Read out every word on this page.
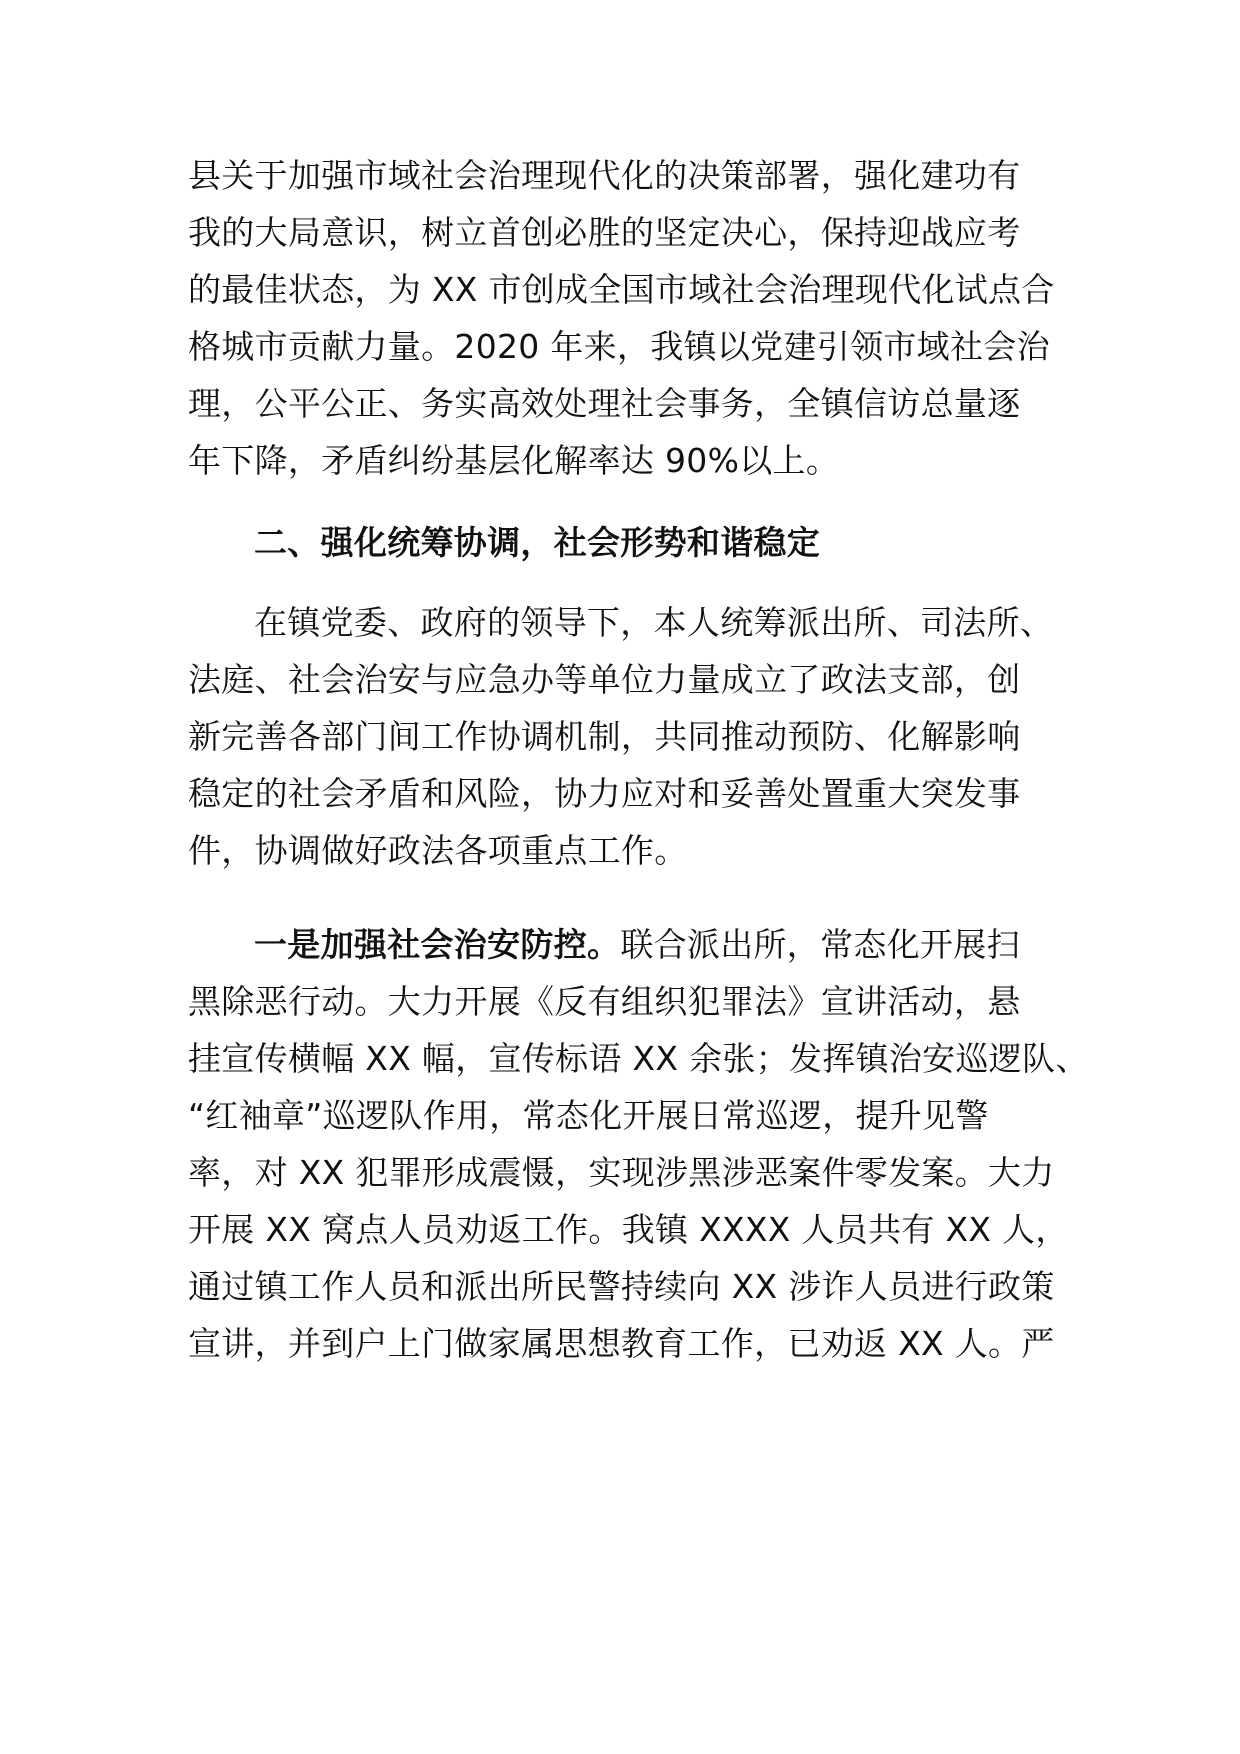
县关于加强市域社会治理现代化的决策部署，强化建功有
我的大局意识，树立首创必胜的坚定决心，保持迎战应考
的最佳状态，为 XX 市创成全国市域社会治理现代化试点合
格城市贡献力量。2020 年来，我镇以党建引领市域社会治
理，公平公正、务实高效处理社会事务，全镇信访总量逐
年下降，矛盾纠纷基层化解率达 90%以上。
二、强化统筹协调，社会形势和谐稳定
在镇党委、政府的领导下，本人统筹派出所、司法所、
法庭、社会治安与应急办等单位力量成立了政法支部，创
新完善各部门间工作协调机制，共同推动预防、化解影响
稳定的社会矛盾和风险，协力应对和妥善处置重大突发事
件，协调做好政法各项重点工作。
一是加强社会治安防控。联合派出所，常态化开展扫
黑除恶行动。大力开展《反有组织犯罪法》宣讲活动，悬
挂宣传横幅 XX 幅，宣传标语 XX 余张；发挥镇治安巡逻队、
“红袖章”巡逻队作用，常态化开展日常巡逻，提升见警
率，对 XX 犯罪形成震慑，实现涉黑涉恶案件零发案。大力
开展 XX 窝点人员劝返工作。我镇 XXXX 人员共有 XX 人，
通过镇工作人员和派出所民警持续向 XX 涉诈人员进行政策
宣讲，并到户上门做家属思想教育工作，已劝返 XX 人。严
